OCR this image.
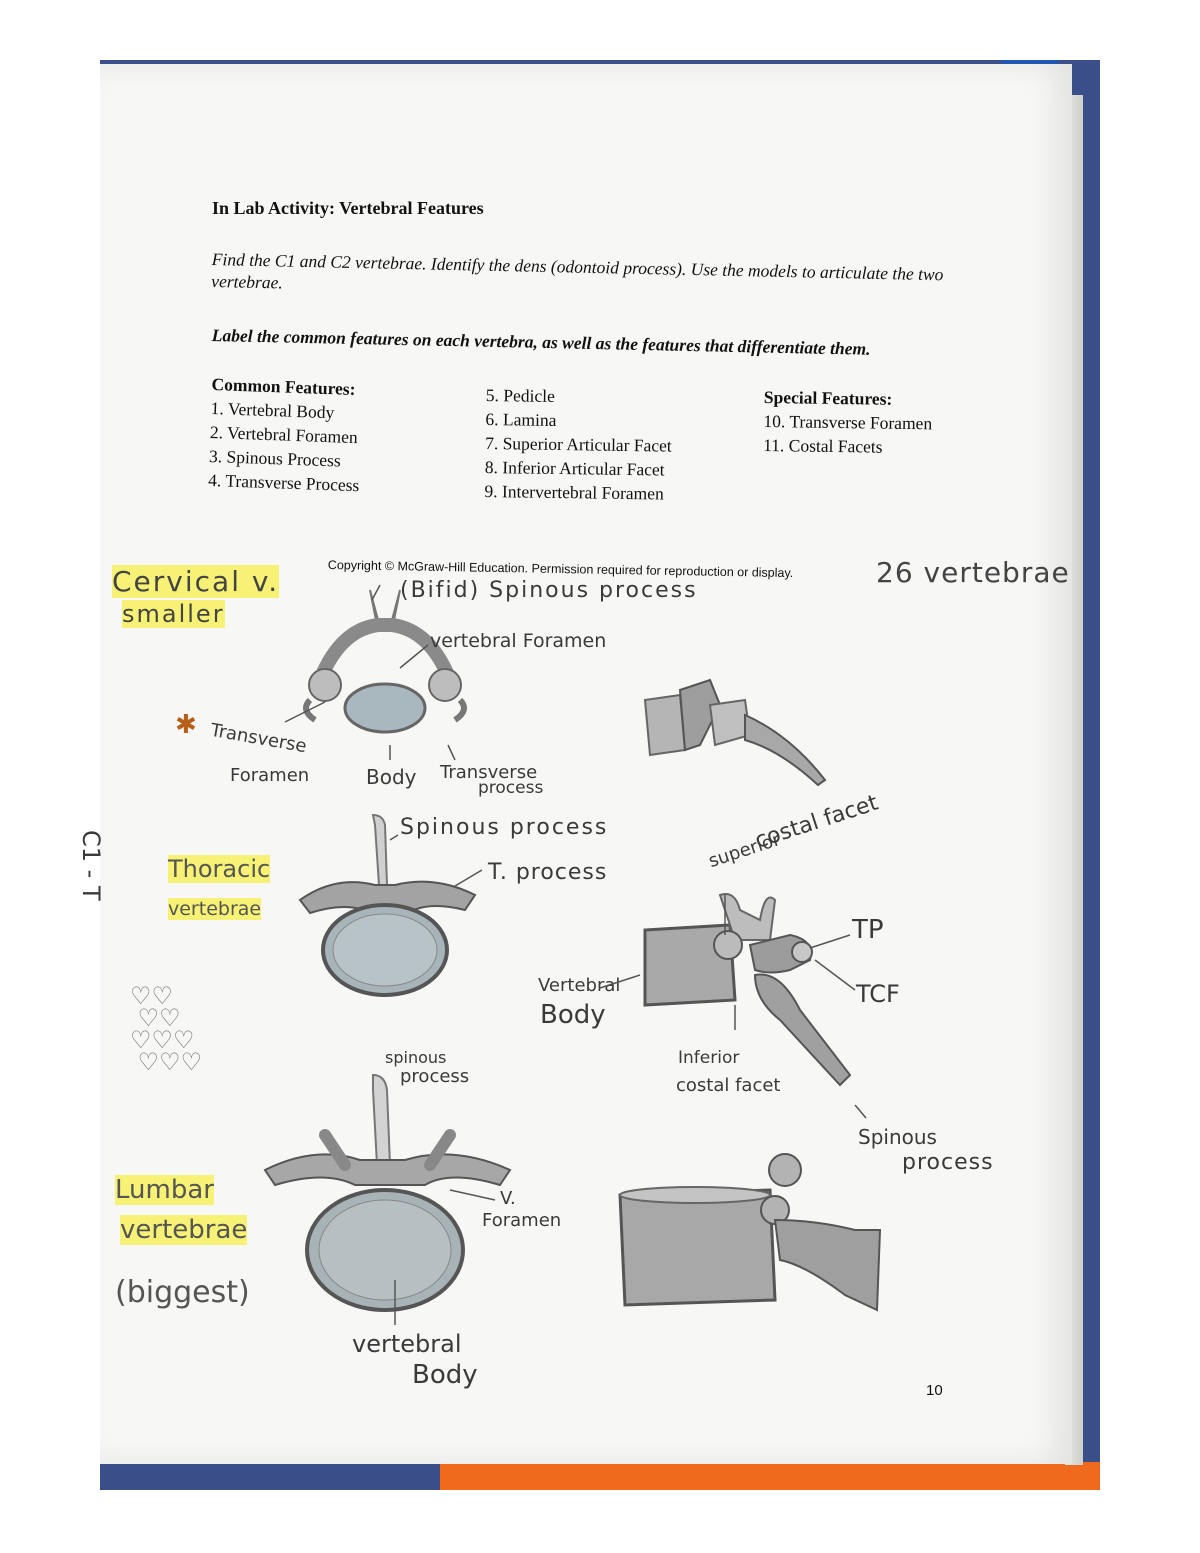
In Lab Activity: Vertebral Features
Find the C1 and C2 vertebrae. Identify the dens (odontoid process). Use the models to articulate the two vertebrae.
Label the common features on each vertebra, as well as the features that differentiate them.
Common Features:
1. Vertebral Body
2. Vertebral Foramen
3. Spinous Process
4. Transverse Process
5. Pedicle
6. Lamina
7. Superior Articular Facet
8. Inferior Articular Facet
9. Intervertebral Foramen
Special Features:
10. Transverse Foramen
11. Costal Facets
Copyright © McGraw-Hill Education. Permission required for reproduction or display.
Cervical v.
smaller
26 vertebrae
(Bifid) Spinous process
vertebral Foramen
✱ Transverse
Foramen	Body Transverse
process
C1 - T	Thoracic
vertebrae
Spinous process
T. process
superior
costal facet
TP
TCF
Vertebral
Body
Inferior
costal facet
Spinous
process
♡♡
♡♡
♡♡♡
♡♡♡	spinous
process
Lumbar
vertebrae
(biggest)
V.
Foramen
vertebral
Body
10
